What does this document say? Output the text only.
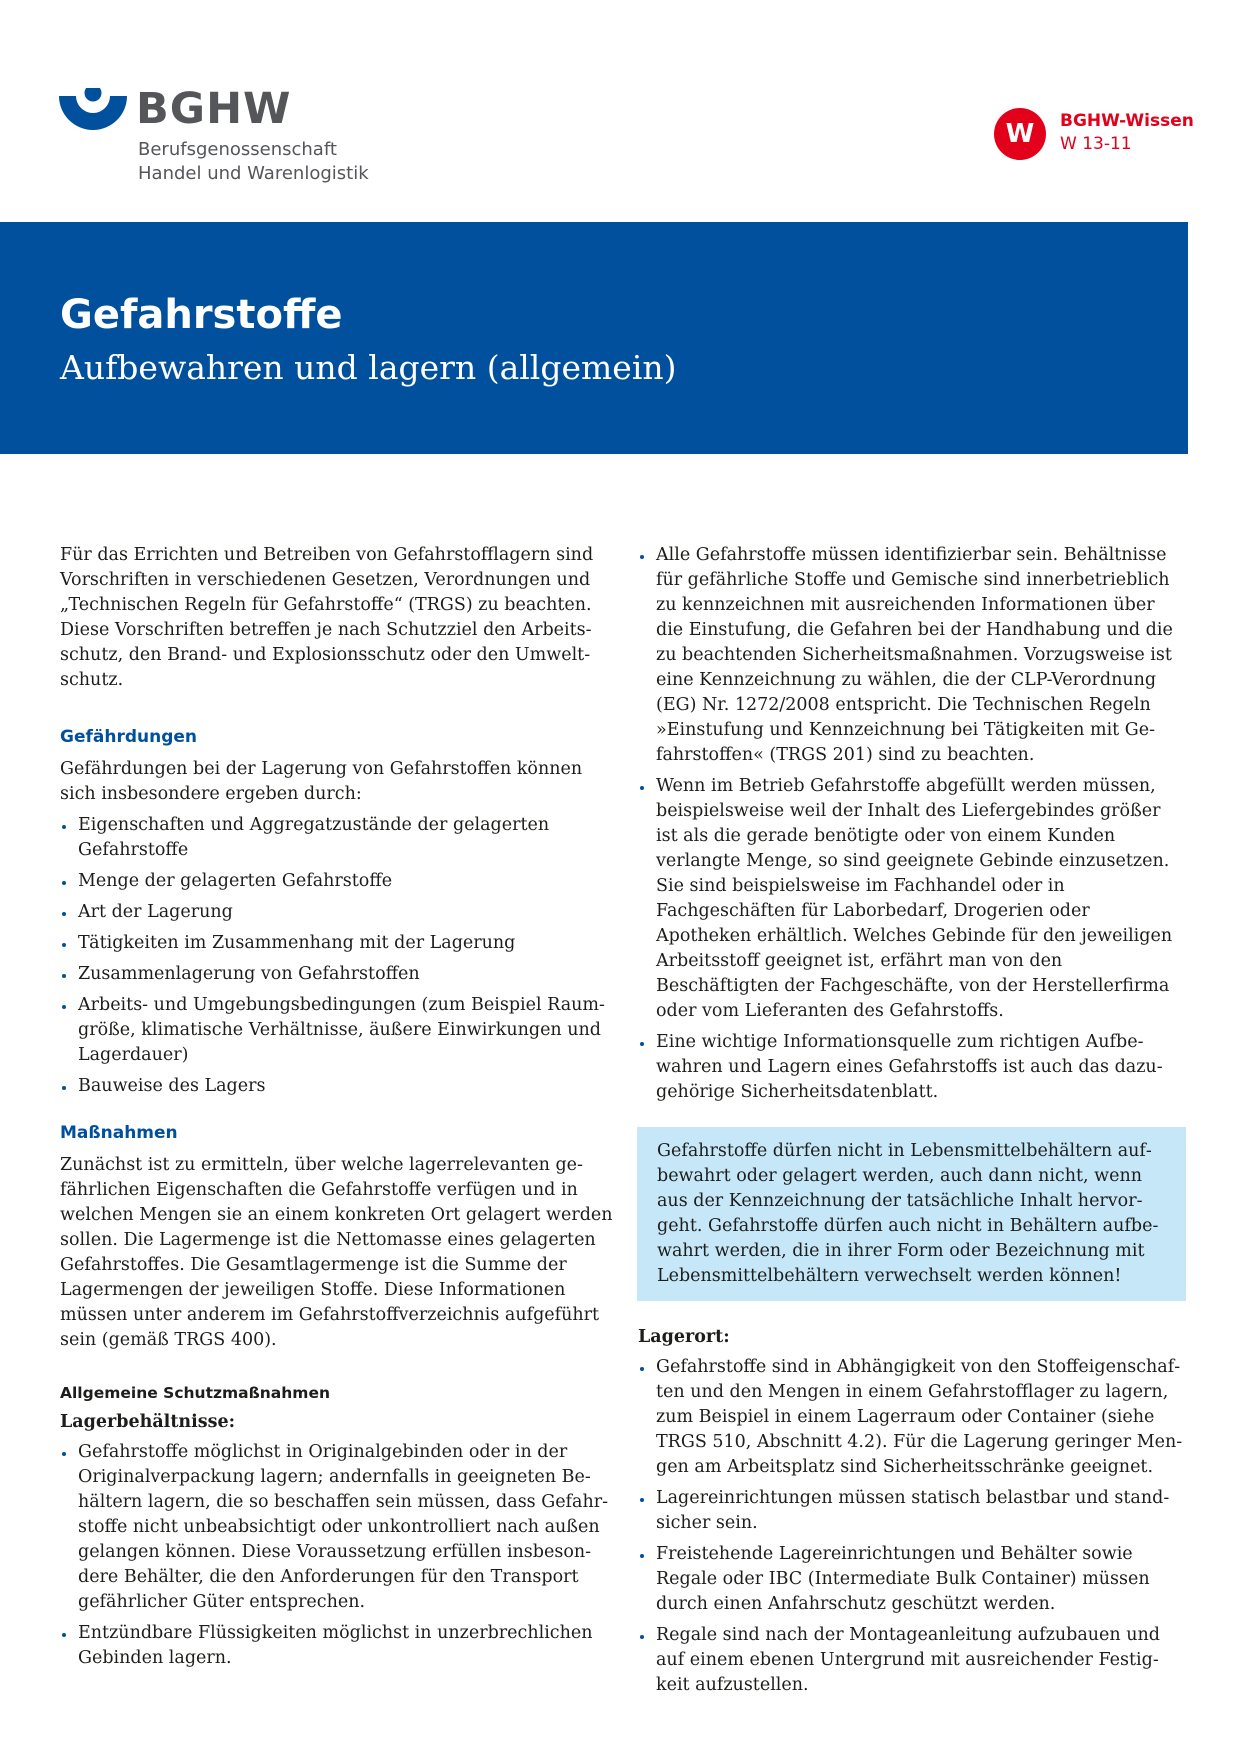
BGHW

Berufsgenossenschaft
Handel und Warenlogistik
W	BGHW-Wissen
W 13-11
Gefahrstoffe
Aufbewahren und lagern (allgemein)

Für das Errichten und Betreiben von Gefahrstofflagern sind Vorschriften in verschiedenen Gesetzen, Verordnungen und „Technischen Regeln für Gefahrstoffe“ (TRGS) zu beachten. Diese Vorschriften betreffen je nach Schutzziel den Arbeitsschutz, den Brand- und Explosionsschutz oder den Umweltschutz.

Gefährdungen

Gefährdungen bei der Lagerung von Gefahrstoffen können sich insbesondere ergeben durch:

Eigenschaften und Aggregatzustände der gelagerten Gefahrstoffe
Menge der gelagerten Gefahrstoffe
Art der Lagerung
Tätigkeiten im Zusammenhang mit der Lagerung
Zusammenlagerung von Gefahrstoffen
Arbeits- und Umgebungsbedingungen (zum Beispiel Raumgröße, klimatische Verhältnisse, äußere Einwirkungen und Lagerdauer)
Bauweise des Lagers
Maßnahmen

Zunächst ist zu ermitteln, über welche lagerrelevanten gefährlichen Eigenschaften die Gefahrstoffe verfügen und in welchen Mengen sie an einem konkreten Ort gelagert werden sollen. Die Lagermenge ist die Nettomasse eines gelagerten Gefahrstoffes. Die Gesamtlagermenge ist die Summe der Lagermengen der jeweiligen Stoffe. Diese Informationen müssen unter anderem im Gefahrstoffverzeichnis aufgeführt sein (gemäß TRGS 400).

Allgemeine Schutzmaßnahmen

Lagerbehältnisse:

Gefahrstoffe möglichst in Originalgebinden oder in der Originalverpackung lagern; andernfalls in geeigneten Behältern lagern, die so beschaffen sein müssen, dass Gefahrstoffe nicht unbeabsichtigt oder unkontrolliert nach außen gelangen können. Diese Voraussetzung erfüllen insbesondere Behälter, die den Anforderungen für den Transport gefährlicher Güter entsprechen.
Entzündbare Flüssigkeiten möglichst in unzerbrechlichen Gebinden lagern.
Alle Gefahrstoffe müssen identifizierbar sein. Behältnisse für gefährliche Stoffe und Gemische sind innerbetrieblich zu kennzeichnen mit ausreichenden Informationen über die Einstufung, die Gefahren bei der Handhabung und die zu beachtenden Sicherheitsmaßnahmen. Vorzugsweise ist eine Kennzeichnung zu wählen, die der CLP-Verordnung (EG) Nr. 1272/2008 entspricht. Die Technischen Regeln »Einstufung und Kennzeichnung bei Tätigkeiten mit Gefahrstoffen« (TRGS 201) sind zu beachten.
Wenn im Betrieb Gefahrstoffe abgefüllt werden müssen, beispielsweise weil der Inhalt des Liefergebindes größer ist als die gerade benötigte oder von einem Kunden verlangte Menge, so sind geeignete Gebinde einzusetzen. Sie sind beispielsweise im Fachhandel oder in Fachgeschäften für Laborbedarf, Drogerien oder Apotheken erhältlich. Welches Gebinde für den jeweiligen Arbeitsstoff geeignet ist, erfährt man von den Beschäftigten der Fachgeschäfte, von der Herstellerfirma oder vom Lieferanten des Gefahrstoffs.
Eine wichtige Informationsquelle zum richtigen Aufbewahren und Lagern eines Gefahrstoffs ist auch das dazugehörige Sicherheitsdatenblatt.

Gefahrstoffe dürfen nicht in Lebensmittelbehältern aufbewahrt oder gelagert werden, auch dann nicht, wenn aus der Kennzeichnung der tatsächliche Inhalt hervorgeht. Gefahrstoffe dürfen auch nicht in Behältern aufbewahrt werden, die in ihrer Form oder Bezeichnung mit Lebensmittelbehältern verwechselt werden können!

Lagerort:

Gefahrstoffe sind in Abhängigkeit von den Stoffeigenschaften und den Mengen in einem Gefahrstofflager zu lagern, zum Beispiel in einem Lagerraum oder Container (siehe TRGS 510, Abschnitt 4.2). Für die Lagerung geringer Mengen am Arbeitsplatz sind Sicherheitsschränke geeignet.
Lagereinrichtungen müssen statisch belastbar und standsicher sein.
Freistehende Lagereinrichtungen und Behälter sowie Regale oder IBC (Intermediate Bulk Container) müssen durch einen Anfahrschutz geschützt werden.
Regale sind nach der Montageanleitung aufzubauen und auf einem ebenen Untergrund mit ausreichender Festigkeit aufzustellen.
